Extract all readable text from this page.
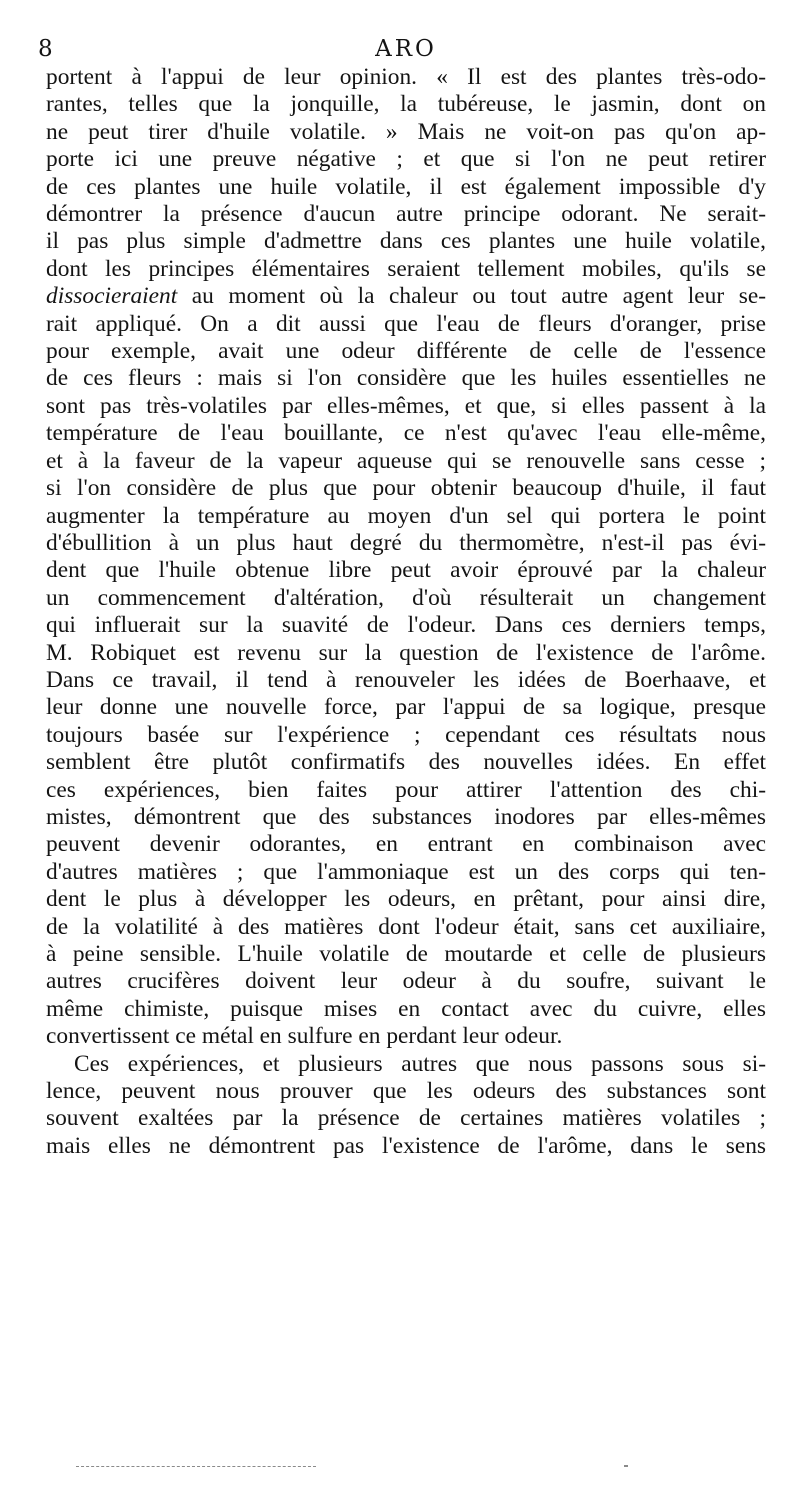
8	ARO

portent à l'appui de leur opinion. « Il est des plantes très-odo-
rantes, telles que la jonquille, la tubéreuse, le jasmin, dont on
ne peut tirer d'huile volatile. » Mais ne voit-on pas qu'on ap-
porte ici une preuve négative ; et que si l'on ne peut retirer
de ces plantes une huile volatile, il est également impossible d'y
démontrer la présence d'aucun autre principe odorant. Ne serait-
il pas plus simple d'admettre dans ces plantes une huile volatile,
dont les principes élémentaires seraient tellement mobiles, qu'ils se
dissocieraient au moment où la chaleur ou tout autre agent leur se-
rait appliqué. On a dit aussi que l'eau de fleurs d'oranger, prise
pour exemple, avait une odeur différente de celle de l'essence
de ces fleurs : mais si l'on considère que les huiles essentielles ne
sont pas très-volatiles par elles-mêmes, et que, si elles passent à la
température de l'eau bouillante, ce n'est qu'avec l'eau elle-même,
et à la faveur de la vapeur aqueuse qui se renouvelle sans cesse ;
si l'on considère de plus que pour obtenir beaucoup d'huile, il faut
augmenter la température au moyen d'un sel qui portera le point
d'ébullition à un plus haut degré du thermomètre, n'est-il pas évi-
dent que l'huile obtenue libre peut avoir éprouvé par la chaleur
un commencement d'altération, d'où résulterait un changement
qui influerait sur la suavité de l'odeur. Dans ces derniers temps,
M. Robiquet est revenu sur la question de l'existence de l'arôme.
Dans ce travail, il tend à renouveler les idées de Boerhaave, et
leur donne une nouvelle force, par l'appui de sa logique, presque
toujours basée sur l'expérience ; cependant ces résultats nous
semblent être plutôt confirmatifs des nouvelles idées. En effet
ces expériences, bien faites pour attirer l'attention des chi-
mistes, démontrent que des substances inodores par elles-mêmes
peuvent devenir odorantes, en entrant en combinaison avec
d'autres matières ; que l'ammoniaque est un des corps qui ten-
dent le plus à développer les odeurs, en prêtant, pour ainsi dire,
de la volatilité à des matières dont l'odeur était, sans cet auxiliaire,
à peine sensible. L'huile volatile de moutarde et celle de plusieurs
autres crucifères doivent leur odeur à du soufre, suivant le
même chimiste, puisque mises en contact avec du cuivre, elles
convertissent ce métal en sulfure en perdant leur odeur.

Ces expériences, et plusieurs autres que nous passons sous si-
lence, peuvent nous prouver que les odeurs des substances sont
souvent exaltées par la présence de certaines matières volatiles ;
mais elles ne démontrent pas l'existence de l'arôme, dans le sens
